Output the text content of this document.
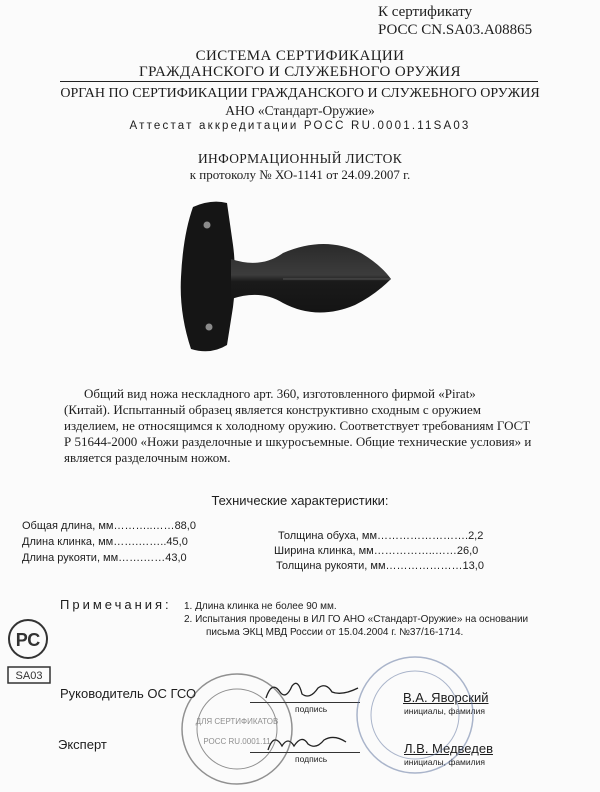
К сертификату
РОСС CN.SA03.A08865
СИСТЕМА СЕРТИФИКАЦИИ
ГРАЖДАНСКОГО И СЛУЖЕБНОГО ОРУЖИЯ
ОРГАН ПО СЕРТИФИКАЦИИ ГРАЖДАНСКОГО И СЛУЖЕБНОГО ОРУЖИЯ
АНО «Стандарт-Оружие»
Аттестат аккредитации РОСС RU.0001.11SA03
ИНФОРМАЦИОННЫЙ ЛИСТОК
к протоколу № ХО-1141 от 24.09.2007 г.
Общий вид ножа нескладного арт. 360, изготовленного фирмой «Pirat»
(Китай). Испытанный образец является конструктивно сходным с оружием
изделием, не относящимся к холодному оружию. Соответствует требованиям ГОСТ
Р 51644-2000 «Ножи разделочные и шкуросъемные. Общие технические условия» и
является разделочным ножом.
Технические характеристики:
Общая длина, мм………..……88,0
Длина клинка, мм…….……..45,0
Длина рукояти, мм…….……43,0
Толщина обуха, мм…………………….2,2
Ширина клинка, мм……………..……26,0
Толщина рукояти, мм…………………13,0
Примечания: 1. Длина клинка не более 90 мм.
2. Испытания проведены в ИЛ ГО АНО «Стандарт-Оружие» на основании
письма ЭКЦ МВД России от 15.04.2004 г. №37/16-1714.
РС
SA03
Руководитель ОС ГСО
подпись
В.А. Яворский
инициалы, фамилия
Эксперт
подпись
Л.В. Медведев
инициалы, фамилия
ДЛЯ СЕРТИФИКАТОВ
РОСС RU.0001.11
